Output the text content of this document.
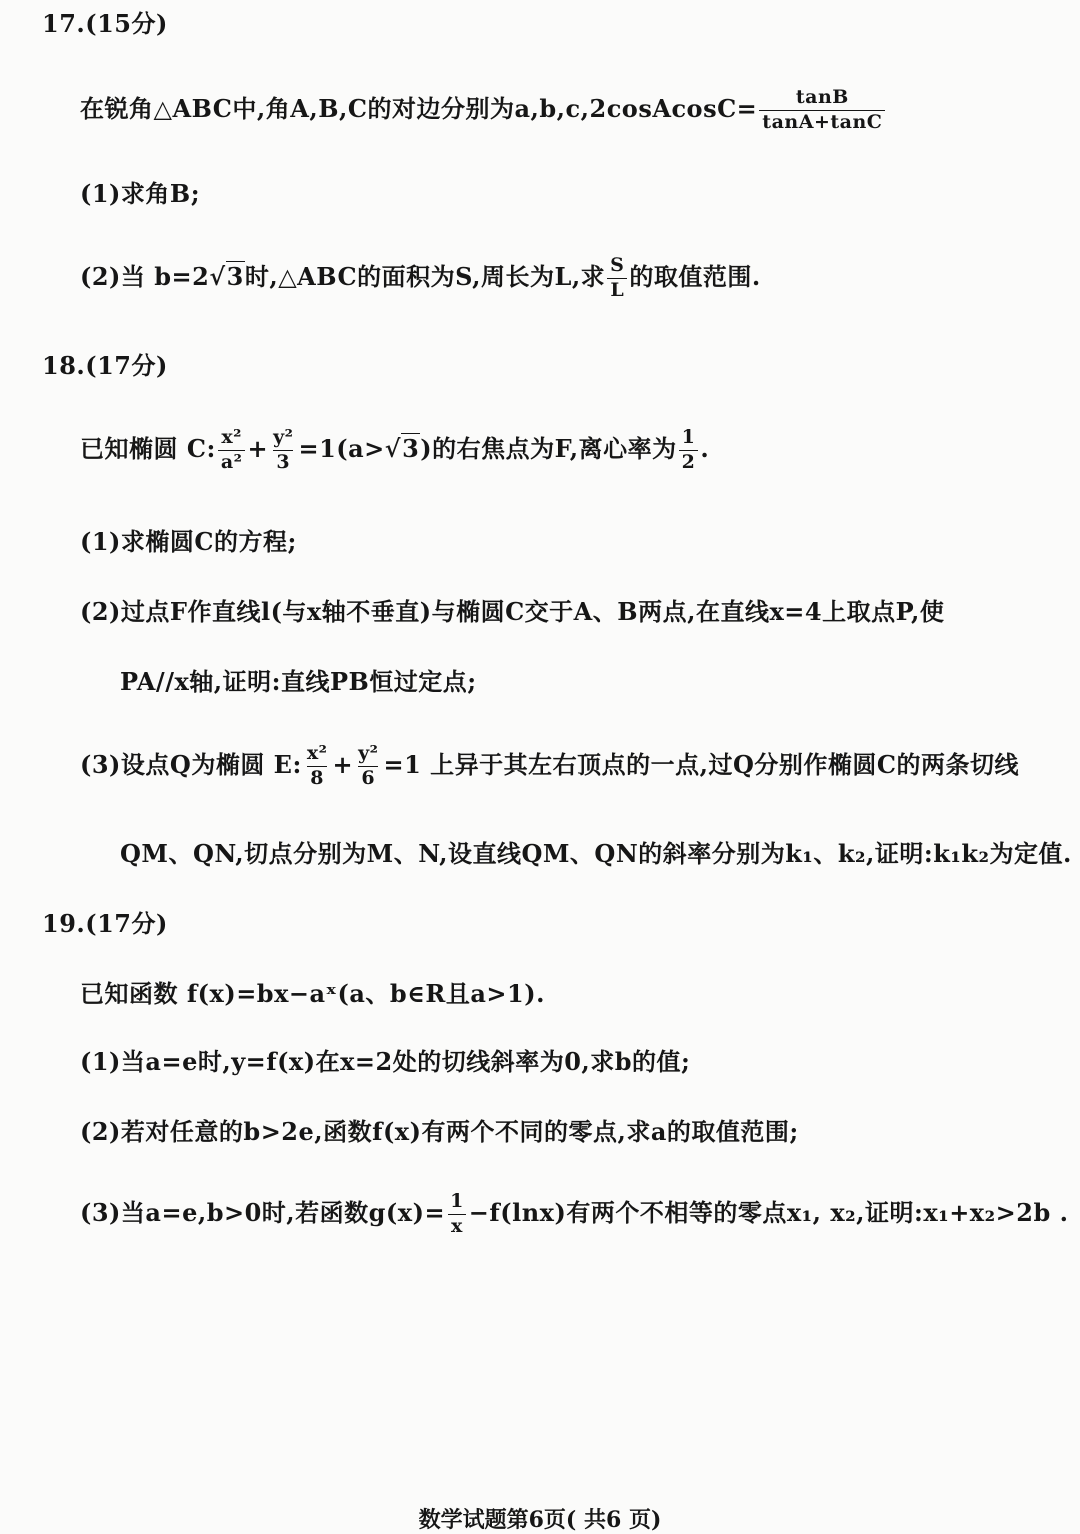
17.(15分)
在锐角△ABC中,角A,B,C的对边分别为a,b,c,2cosAcosC= $\frac{\tan B}{\tan A+\tan C}$
(1)求角B;
(2)当 b=2√3时,△ABC的面积为S,周长为L,求 $\frac{S}{L}$ 的取值范围.
18.(17分)
已知椭圆 C: $\frac{\text{x²}}{\text{a²}} + \frac{\text{y²}}{3} =1(a>√3)$的右焦点为F,离心率为 $\frac{1}{2}$ .
(1)求椭圆C的方程;
(2)过点F作直线l(与x轴不垂直)与椭圆C交于A、B两点,在直线x=4上取点P,使
PA//x轴,证明:直线PB恒过定点;
(3)设点Q为椭圆 E: $\frac{\text{x²}}{8} + \frac{\text{y²}}{6} =1$ 上异于其左右顶点的一点,过Q分别作椭圆C的两条切线
QM、QN,切点分别为M、N,设直线QM、QN的斜率分别为k₁、k₂,证明:k₁k₂为定值.
19.(17分)
已知函数 f(x)=bx−aˣ(a、b∈R且a>1).
(1)当a=e时,y=f(x)在x=2处的切线斜率为0,求b的值;
(2)若对任意的b>2e,函数f(x)有两个不同的零点,求a的取值范围;
(3)当a=e,b>0时,若函数$g(x)= \frac{1}{x} -f(\ln x)$有两个不相等的零点x₁, x₂,证明:x₁+x₂>2b .
数学试题第6页( 共6 页)
